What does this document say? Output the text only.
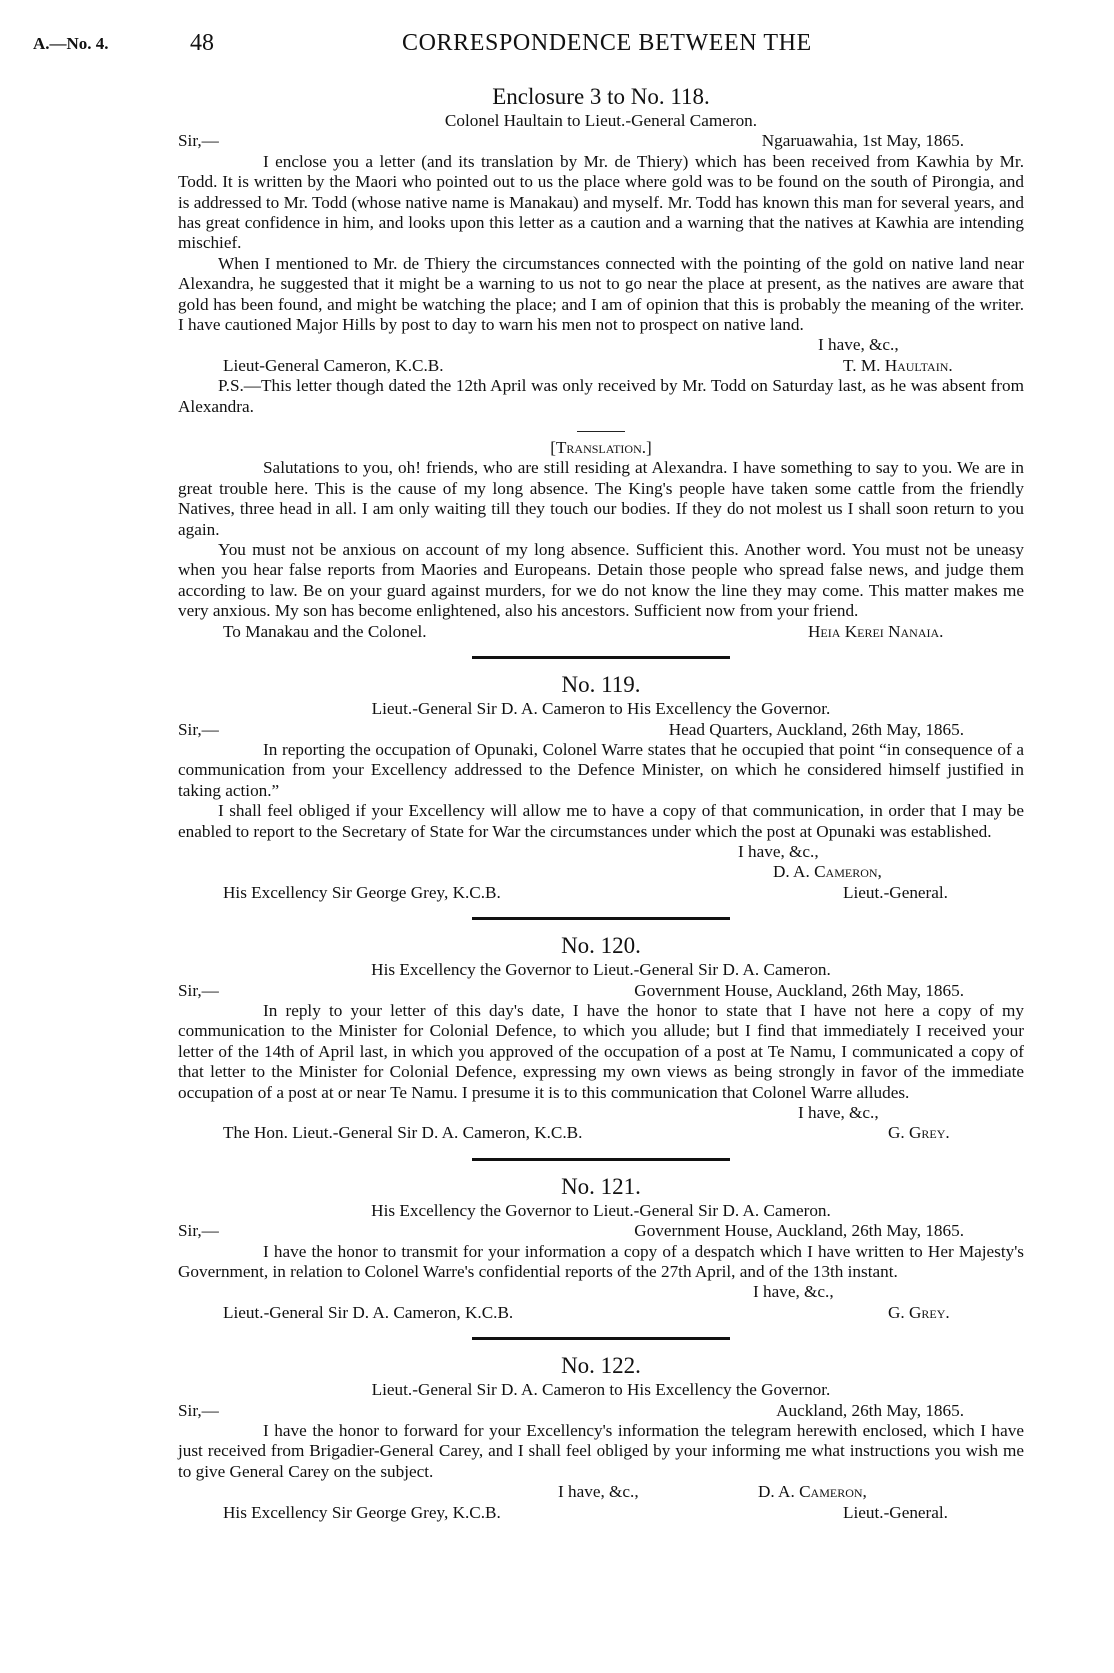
A.—No. 4.	48	CORRESPONDENCE BETWEEN THE
Enclosure 3 to No. 118.
Colonel Haultain to Lieut.-General Cameron.
Sir,—	Ngaruawahia, 1st May, 1865.

I enclose you a letter (and its translation by Mr. de Thiery) which has been received from Kawhia by Mr. Todd. It is written by the Maori who pointed out to us the place where gold was to be found on the south of Pirongia, and is addressed to Mr. Todd (whose native name is Manakau) and myself. Mr. Todd has known this man for several years, and has great confidence in him, and looks upon this letter as a caution and a warning that the natives at Kawhia are intending mischief.

When I mentioned to Mr. de Thiery the circumstances connected with the pointing of the gold on native land near Alexandra, he suggested that it might be a warning to us not to go near the place at present, as the natives are aware that gold has been found, and might be watching the place; and I am of opinion that this is probably the meaning of the writer. I have cautioned Major Hills by post to day to warn his men not to prospect on native land.

I have, &c.,
Lieut-General Cameron, K.C.B.	T. M. Haultain.

P.S.—This letter though dated the 12th April was only received by Mr. Todd on Saturday last, as he was absent from Alexandra.

[Translation.]

Salutations to you, oh! friends, who are still residing at Alexandra. I have something to say to you. We are in great trouble here. This is the cause of my long absence. The King's people have taken some cattle from the friendly Natives, three head in all. I am only waiting till they touch our bodies. If they do not molest us I shall soon return to you again.

You must not be anxious on account of my long absence. Sufficient this. Another word. You must not be uneasy when you hear false reports from Maories and Europeans. Detain those people who spread false news, and judge them according to law. Be on your guard against murders, for we do not know the line they may come. This matter makes me very anxious. My son has become enlightened, also his ancestors. Sufficient now from your friend.

To Manakau and the Colonel.	Heia Kerei Nanaia.
No. 119.
Lieut.-General Sir D. A. Cameron to His Excellency the Governor.
Sir,—	Head Quarters, Auckland, 26th May, 1865.

In reporting the occupation of Opunaki, Colonel Warre states that he occupied that point “in consequence of a communication from your Excellency addressed to the Defence Minister, on which he considered himself justified in taking action.”

I shall feel obliged if your Excellency will allow me to have a copy of that communication, in order that I may be enabled to report to the Secretary of State for War the circumstances under which the post at Opunaki was established.

I have, &c.,
D. A. Cameron,
His Excellency Sir George Grey, K.C.B.	Lieut.-General.
No. 120.
His Excellency the Governor to Lieut.-General Sir D. A. Cameron.
Sir,—	Government House, Auckland, 26th May, 1865.

In reply to your letter of this day's date, I have the honor to state that I have not here a copy of my communication to the Minister for Colonial Defence, to which you allude; but I find that immediately I received your letter of the 14th of April last, in which you approved of the occupation of a post at Te Namu, I communicated a copy of that letter to the Minister for Colonial Defence, expressing my own views as being strongly in favor of the immediate occupation of a post at or near Te Namu. I presume it is to this communication that Colonel Warre alludes.

I have, &c.,
The Hon. Lieut.-General Sir D. A. Cameron, K.C.B.	G. Grey.
No. 121.
His Excellency the Governor to Lieut.-General Sir D. A. Cameron.
Sir,—	Government House, Auckland, 26th May, 1865.

I have the honor to transmit for your information a copy of a despatch which I have written to Her Majesty's Government, in relation to Colonel Warre's confidential reports of the 27th April, and of the 13th instant.

I have, &c.,
Lieut.-General Sir D. A. Cameron, K.C.B.	G. Grey.
No. 122.
Lieut.-General Sir D. A. Cameron to His Excellency the Governor.
Sir,—	Auckland, 26th May, 1865.

I have the honor to forward for your Excellency's information the telegram herewith enclosed, which I have just received from Brigadier-General Carey, and I shall feel obliged by your informing me what instructions you wish me to give General Carey on the subject.

I have, &c.,	D. A. Cameron,
His Excellency Sir George Grey, K.C.B.	Lieut.-General.
